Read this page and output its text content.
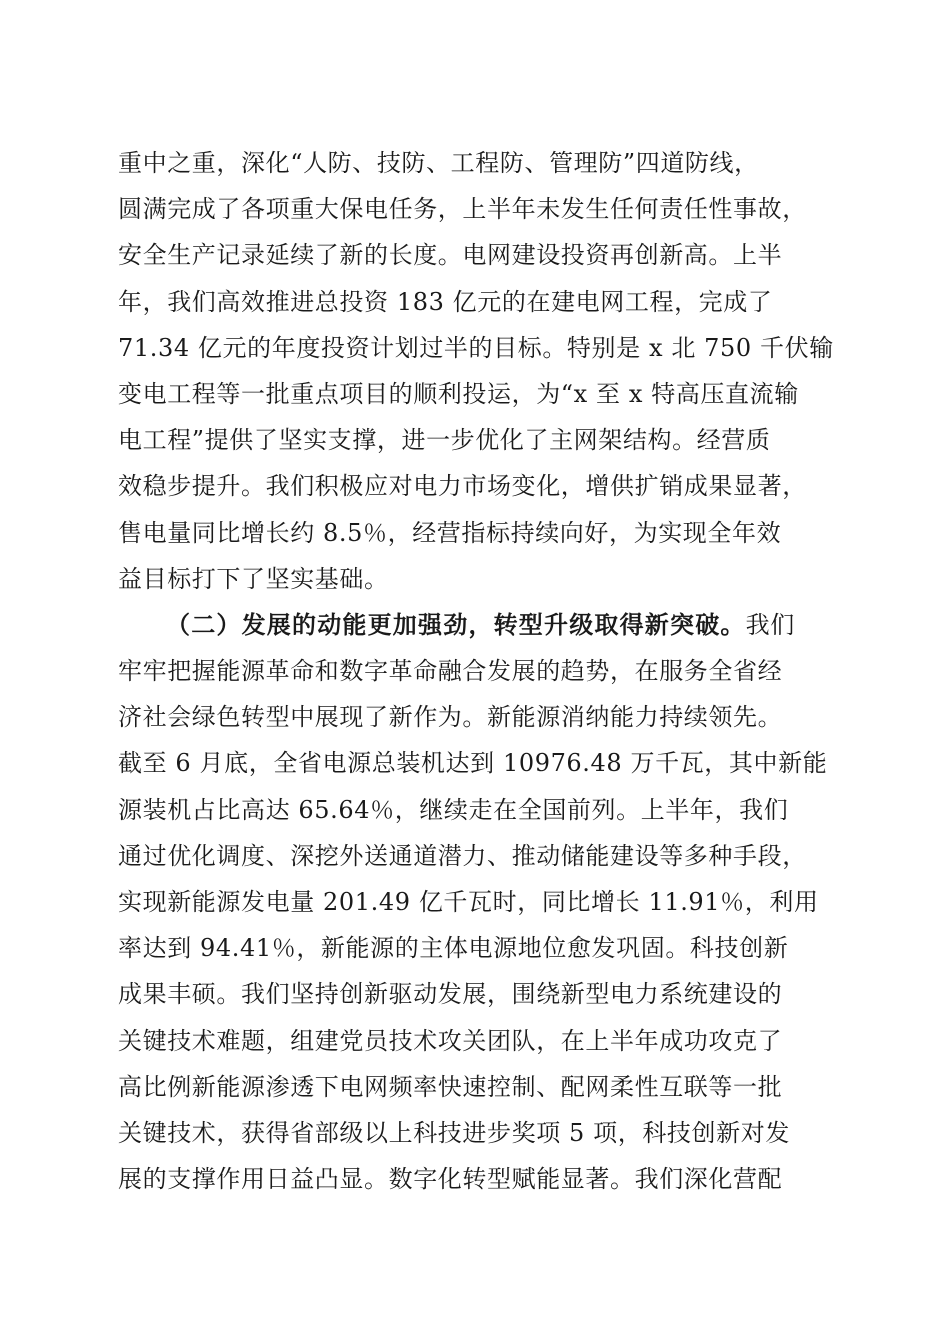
重中之重，深化“人防、技防、工程防、管理防”四道防线，
圆满完成了各项重大保电任务，上半年未发生任何责任性事故，
安全生产记录延续了新的长度。电网建设投资再创新高。上半
年，我们高效推进总投资 183 亿元的在建电网工程，完成了
71.34 亿元的年度投资计划过半的目标。特别是 x 北 750 千伏输
变电工程等一批重点项目的顺利投运，为“x 至 x 特高压直流输
电工程”提供了坚实支撑，进一步优化了主网架结构。经营质
效稳步提升。我们积极应对电力市场变化，增供扩销成果显著，
售电量同比增长约 8.5％，经营指标持续向好，为实现全年效
益目标打下了坚实基础。
（二）发展的动能更加强劲，转型升级取得新突破。我们
牢牢把握能源革命和数字革命融合发展的趋势，在服务全省经
济社会绿色转型中展现了新作为。新能源消纳能力持续领先。
截至 6 月底，全省电源总装机达到 10976.48 万千瓦，其中新能
源装机占比高达 65.64％，继续走在全国前列。上半年，我们
通过优化调度、深挖外送通道潜力、推动储能建设等多种手段，
实现新能源发电量 201.49 亿千瓦时，同比增长 11.91％，利用
率达到 94.41％，新能源的主体电源地位愈发巩固。科技创新
成果丰硕。我们坚持创新驱动发展，围绕新型电力系统建设的
关键技术难题，组建党员技术攻关团队，在上半年成功攻克了
高比例新能源渗透下电网频率快速控制、配网柔性互联等一批
关键技术，获得省部级以上科技进步奖项 5 项，科技创新对发
展的支撑作用日益凸显。数字化转型赋能显著。我们深化营配
